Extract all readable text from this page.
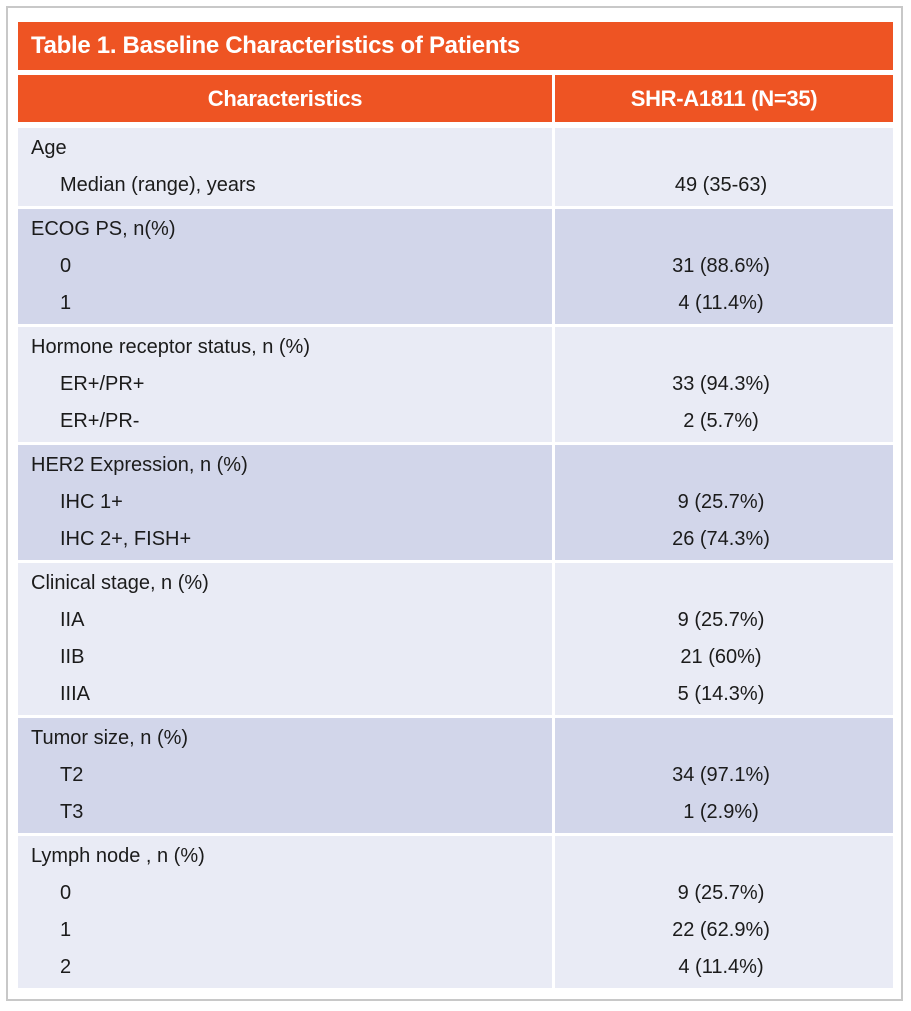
Table 1. Baseline Characteristics of Patients
Characteristics	SHR-A1811 (N=35)
Age
Median (range), years	49 (35-63)
ECOG PS, n(%)
0	31 (88.6%)
1	4 (11.4%)
Hormone receptor status, n (%)
ER+/PR+	33 (94.3%)
ER+/PR-	2 (5.7%)
HER2 Expression, n (%)
IHC 1+	9 (25.7%)
IHC 2+, FISH+	26 (74.3%)
Clinical stage, n (%)
IIA	9 (25.7%)
IIB	21 (60%)
IIIA	5 (14.3%)
Tumor size, n (%)
T2	34 (97.1%)
T3	1 (2.9%)
Lymph node , n (%)
0	9 (25.7%)
1	22 (62.9%)
2	4 (11.4%)
